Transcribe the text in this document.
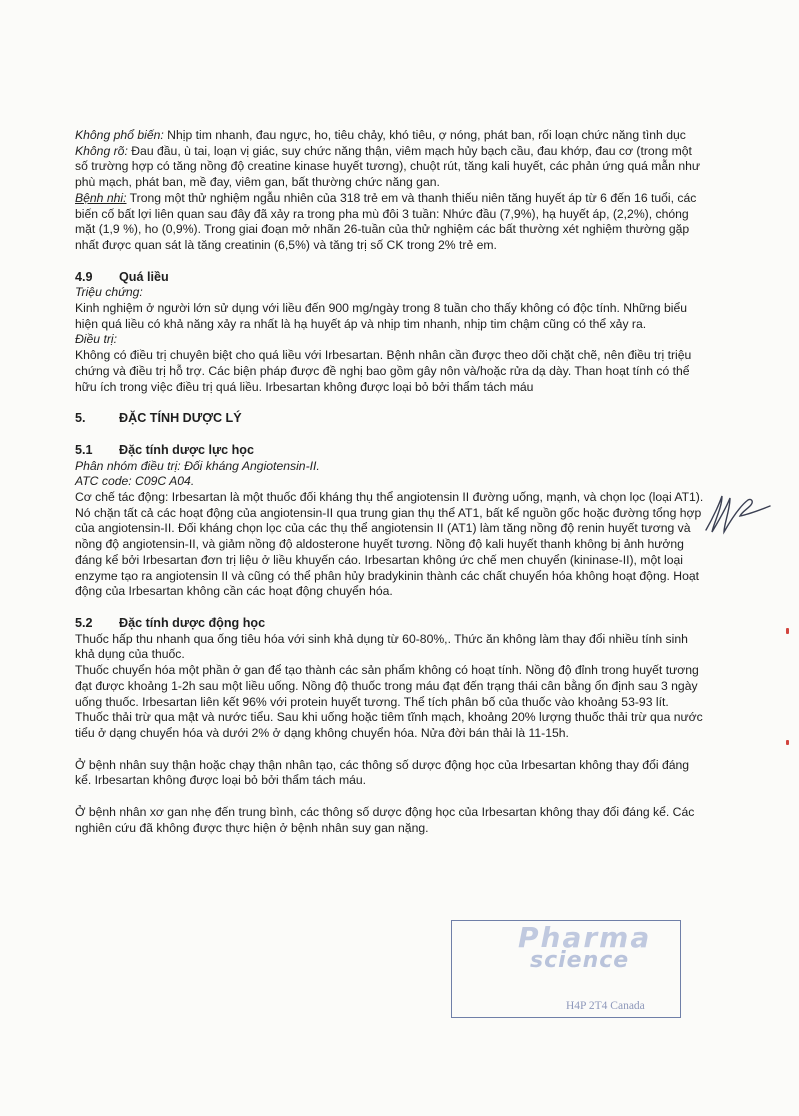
Không phổ biến: Nhịp tim nhanh, đau ngực, ho, tiêu chảy, khó tiêu, ợ nóng, phát ban, rối loạn chức năng tình dục

Không rõ: Đau đầu, ù tai, loạn vị giác, suy chức năng thận, viêm mạch hủy bạch cầu, đau khớp, đau cơ (trong một số trường hợp có tăng nồng độ creatine kinase huyết tương), chuột rút, tăng kali huyết, các phản ứng quá mẫn như phù mạch, phát ban, mề đay, viêm gan, bất thường chức năng gan.

Bệnh nhi: Trong một thử nghiệm ngẫu nhiên của 318 trẻ em và thanh thiếu niên tăng huyết áp từ 6 đến 16 tuổi, các biến cố bất lợi liên quan sau đây đã xảy ra trong pha mù đôi 3 tuần: Nhức đầu (7,9%), hạ huyết áp, (2,2%), chóng mặt (1,9 %), ho (0,9%). Trong giai đoạn mở nhãn 26-tuần của thử nghiệm các bất thường xét nghiệm thường gặp nhất được quan sát là tăng creatinin (6,5%) và tăng trị số CK trong 2% trẻ em.

4.9 Quá liều

Triệu chứng:

Kinh nghiệm ở người lớn sử dụng với liều đến 900 mg/ngày trong 8 tuần cho thấy không có độc tính. Những biểu hiện quá liều có khả năng xảy ra nhất là hạ huyết áp và nhịp tim nhanh, nhịp tim chậm cũng có thể xảy ra.

Điều trị:

Không có điều trị chuyên biệt cho quá liều với Irbesartan. Bệnh nhân cần được theo dõi chặt chẽ, nên điều trị triệu chứng và điều trị hỗ trợ. Các biện pháp được đề nghị bao gồm gây nôn và/hoặc rửa dạ dày. Than hoạt tính có thể hữu ích trong việc điều trị quá liều. Irbesartan không được loại bỏ bởi thẩm tách máu

5.	ĐẶC TÍNH DƯỢC LÝ

5.1 Đặc tính dược lực học

Phân nhóm điều trị: Đối kháng Angiotensin-II.

ATC code: C09C A04.

Cơ chế tác động: Irbesartan là một thuốc đối kháng thụ thể angiotensin II đường uống, mạnh, và chọn lọc (loại AT1). Nó chặn tất cả các hoạt động của angiotensin-II qua trung gian thụ thể AT1, bất kể nguồn gốc hoặc đường tổng hợp của angiotensin-II. Đối kháng chọn lọc của các thụ thể angiotensin II (AT1) làm tăng nồng độ renin huyết tương và nồng độ angiotensin-II, và giảm nồng độ aldosterone huyết tương. Nồng độ kali huyết thanh không bị ảnh hưởng đáng kể bởi Irbesartan đơn trị liệu ở liều khuyến cáo. Irbesartan không ức chế men chuyển (kininase-II), một loại enzyme tạo ra angiotensin II và cũng có thể phân hủy bradykinin thành các chất chuyển hóa không hoạt động. Hoạt động của Irbesartan không cần các hoạt động chuyển hóa.

5.2 Đặc tính dược động học

Thuốc hấp thu nhanh qua ống tiêu hóa với sinh khả dụng từ 60-80%,. Thức ăn không làm thay đổi nhiều tính sinh khả dụng của thuốc.

Thuốc chuyển hóa một phần ở gan để tạo thành các sản phẩm không có hoạt tính. Nồng độ đỉnh trong huyết tương đạt được khoảng 1-2h sau một liều uống. Nồng độ thuốc trong máu đạt đến trạng thái cân bằng ổn định sau 3 ngày uống thuốc. Irbesartan liên kết 96% với protein huyết tương. Thể tích phân bố của thuốc vào khoảng 53-93 lít.

Thuốc thải trừ qua mật và nước tiểu. Sau khi uống hoặc tiêm tĩnh mạch, khoảng 20% lượng thuốc thải trừ qua nước tiểu ở dạng chuyển hóa và dưới 2% ở dạng không chuyển hóa. Nửa đời bán thải là 11-15h.

Ở bệnh nhân suy thận hoặc chạy thận nhân tạo, các thông số dược động học của Irbesartan không thay đổi đáng kể. Irbesartan không được loại bỏ bởi thẩm tách máu.

Ở bệnh nhân xơ gan nhẹ đến trung bình, các thông số dược động học của Irbesartan không thay đổi đáng kể. Các nghiên cứu đã không được thực hiện ở bệnh nhân suy gan nặng.

Pharma
science
H4P 2T4 Canada
